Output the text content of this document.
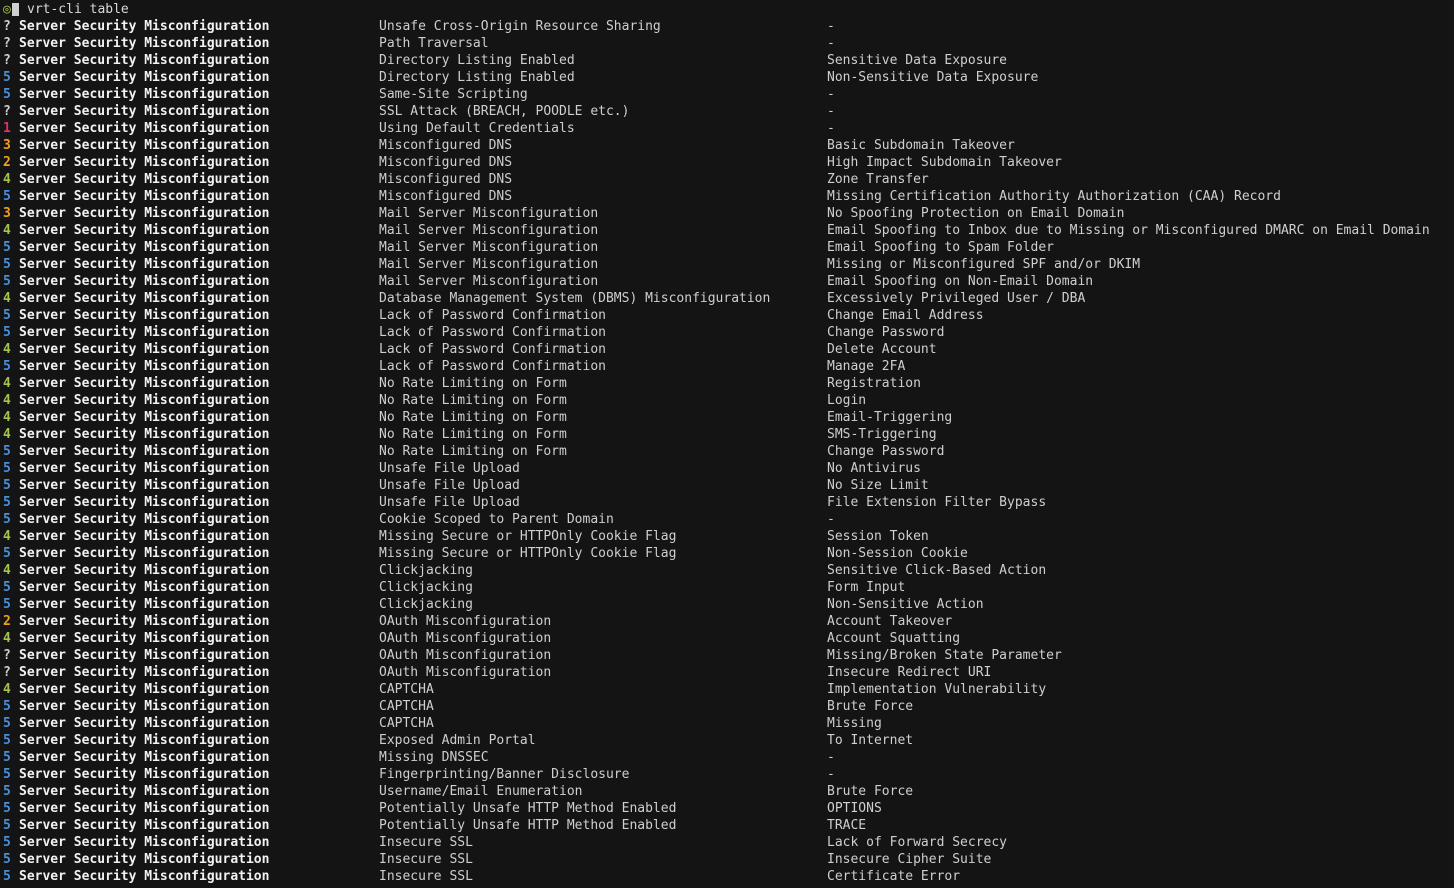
◎

vrt-cli table

? Server Security Misconfiguration	Unsafe Cross-Origin Resource Sharing	-
? Server Security Misconfiguration	Path Traversal	-
? Server Security Misconfiguration	Directory Listing Enabled	Sensitive Data Exposure
5 Server Security Misconfiguration	Directory Listing Enabled	Non-Sensitive Data Exposure
5 Server Security Misconfiguration	Same-Site Scripting	-
? Server Security Misconfiguration	SSL Attack (BREACH, POODLE etc.)	-
1 Server Security Misconfiguration	Using Default Credentials	-
3 Server Security Misconfiguration	Misconfigured DNS	Basic Subdomain Takeover
2 Server Security Misconfiguration	Misconfigured DNS	High Impact Subdomain Takeover
4 Server Security Misconfiguration	Misconfigured DNS	Zone Transfer
5 Server Security Misconfiguration	Misconfigured DNS	Missing Certification Authority Authorization (CAA) Record
3 Server Security Misconfiguration	Mail Server Misconfiguration	No Spoofing Protection on Email Domain
4 Server Security Misconfiguration	Mail Server Misconfiguration	Email Spoofing to Inbox due to Missing or Misconfigured DMARC on Email Domain
5 Server Security Misconfiguration	Mail Server Misconfiguration	Email Spoofing to Spam Folder
5 Server Security Misconfiguration	Mail Server Misconfiguration	Missing or Misconfigured SPF and/or DKIM
5 Server Security Misconfiguration	Mail Server Misconfiguration	Email Spoofing on Non-Email Domain
4 Server Security Misconfiguration	Database Management System (DBMS) Misconfiguration	Excessively Privileged User / DBA
5 Server Security Misconfiguration	Lack of Password Confirmation	Change Email Address
5 Server Security Misconfiguration	Lack of Password Confirmation	Change Password
4 Server Security Misconfiguration	Lack of Password Confirmation	Delete Account
5 Server Security Misconfiguration	Lack of Password Confirmation	Manage 2FA
4 Server Security Misconfiguration	No Rate Limiting on Form	Registration
4 Server Security Misconfiguration	No Rate Limiting on Form	Login
4 Server Security Misconfiguration	No Rate Limiting on Form	Email-Triggering
4 Server Security Misconfiguration	No Rate Limiting on Form	SMS-Triggering
5 Server Security Misconfiguration	No Rate Limiting on Form	Change Password
5 Server Security Misconfiguration	Unsafe File Upload	No Antivirus
5 Server Security Misconfiguration	Unsafe File Upload	No Size Limit
5 Server Security Misconfiguration	Unsafe File Upload	File Extension Filter Bypass
5 Server Security Misconfiguration	Cookie Scoped to Parent Domain	-
4 Server Security Misconfiguration	Missing Secure or HTTPOnly Cookie Flag	Session Token
5 Server Security Misconfiguration	Missing Secure or HTTPOnly Cookie Flag	Non-Session Cookie
4 Server Security Misconfiguration	Clickjacking	Sensitive Click-Based Action
5 Server Security Misconfiguration	Clickjacking	Form Input
5 Server Security Misconfiguration	Clickjacking	Non-Sensitive Action
2 Server Security Misconfiguration	OAuth Misconfiguration	Account Takeover
4 Server Security Misconfiguration	OAuth Misconfiguration	Account Squatting
? Server Security Misconfiguration	OAuth Misconfiguration	Missing/Broken State Parameter
? Server Security Misconfiguration	OAuth Misconfiguration	Insecure Redirect URI
4 Server Security Misconfiguration	CAPTCHA	Implementation Vulnerability
5 Server Security Misconfiguration	CAPTCHA	Brute Force
5 Server Security Misconfiguration	CAPTCHA	Missing
5 Server Security Misconfiguration	Exposed Admin Portal	To Internet
5 Server Security Misconfiguration	Missing DNSSEC	-
5 Server Security Misconfiguration	Fingerprinting/Banner Disclosure	-
5 Server Security Misconfiguration	Username/Email Enumeration	Brute Force
5 Server Security Misconfiguration	Potentially Unsafe HTTP Method Enabled	OPTIONS
5 Server Security Misconfiguration	Potentially Unsafe HTTP Method Enabled	TRACE
5 Server Security Misconfiguration	Insecure SSL	Lack of Forward Secrecy
5 Server Security Misconfiguration	Insecure SSL	Insecure Cipher Suite
5 Server Security Misconfiguration	Insecure SSL	Certificate Error
